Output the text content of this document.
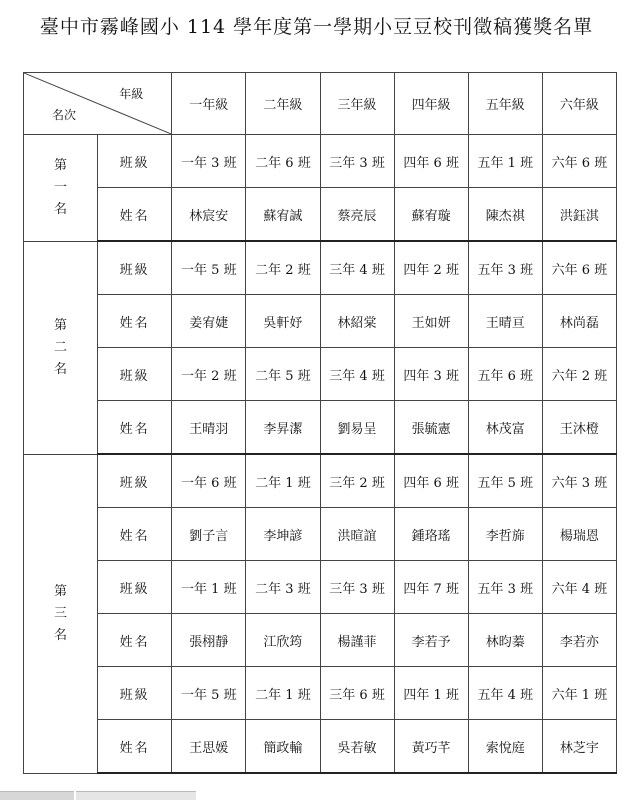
臺中市霧峰國小 114 學年度第一學期小豆豆校刊徵稿獲獎名單
年級
名次		一年級	二年級	三年級	四年級	五年級	六年級

第
一
名	班級	一年 3 班	二年 6 班	三年 3 班	四年 6 班	五年 1 班	六年 6 班
	姓名	林宸安	蘇宥誠	蔡亮辰	蘇宥璇	陳杰祺	洪鈺淇

第
二
名	班級	一年 5 班	二年 2 班	三年 4 班	四年 2 班	五年 3 班	六年 6 班
	姓名	姜宥婕	吳軒妤	林紹棠	王如妍	王晴亘	林尚磊
	班級	一年 2 班	二年 5 班	三年 4 班	四年 3 班	五年 6 班	六年 2 班
	姓名	王晴羽	李昇潔	劉易呈	張毓憲	林茂富	王沐橙

第
三
名	班級	一年 6 班	二年 1 班	三年 2 班	四年 6 班	五年 5 班	六年 3 班
	姓名	劉子言	李坤諺	洪暄誼	鍾珞瑤	李哲旆	楊瑞恩
	班級	一年 1 班	二年 3 班	三年 3 班	四年 7 班	五年 3 班	六年 4 班
	姓名	張栩靜	江欣筠	楊謹菲	李若予	林昀蓁	李若亦
	班級	一年 5 班	二年 1 班	三年 6 班	四年 1 班	五年 4 班	六年 1 班
	姓名	王思媛	簡政輸	吳若敏	黃巧芊	索悅庭	林芝宇
